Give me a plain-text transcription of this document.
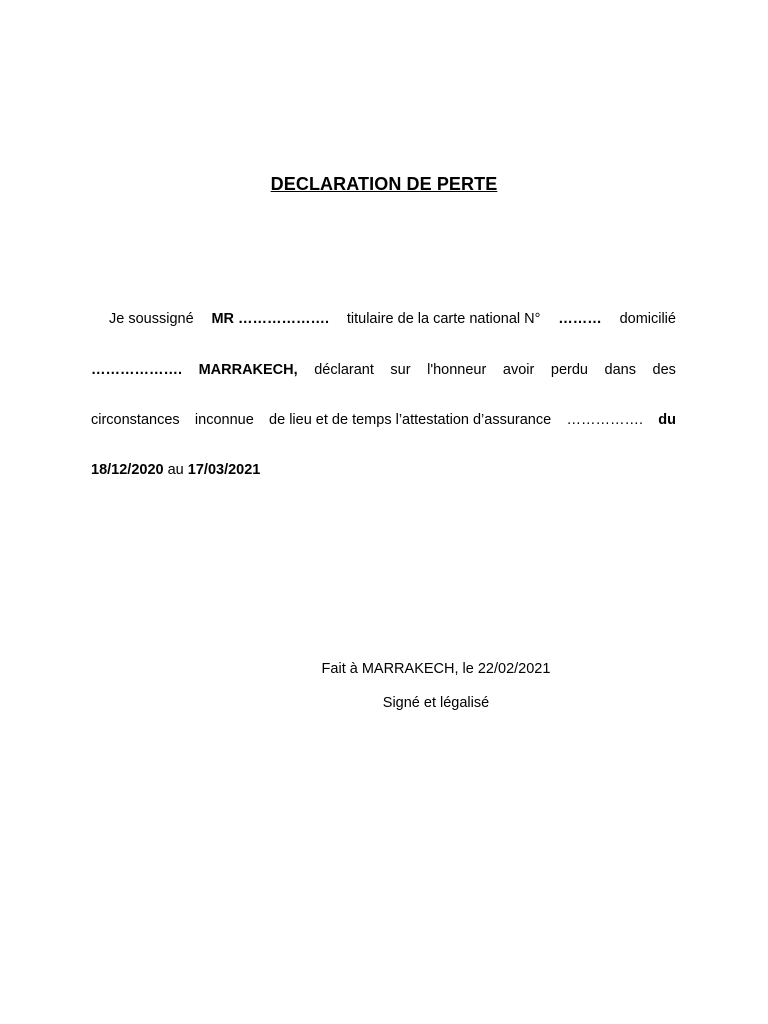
DECLARATION DE PERTE
Je soussigné MR ………………. titulaire de la carte national N° ……… domicilié
………………. MARRAKECH, déclarant sur l'honneur avoir perdu dans des
circonstances inconnue de lieu et de temps l’attestation d’assurance ……………. du
18/12/2020 au 17/03/2021
Fait à MARRAKECH, le 22/02/2021
Signé et légalisé
